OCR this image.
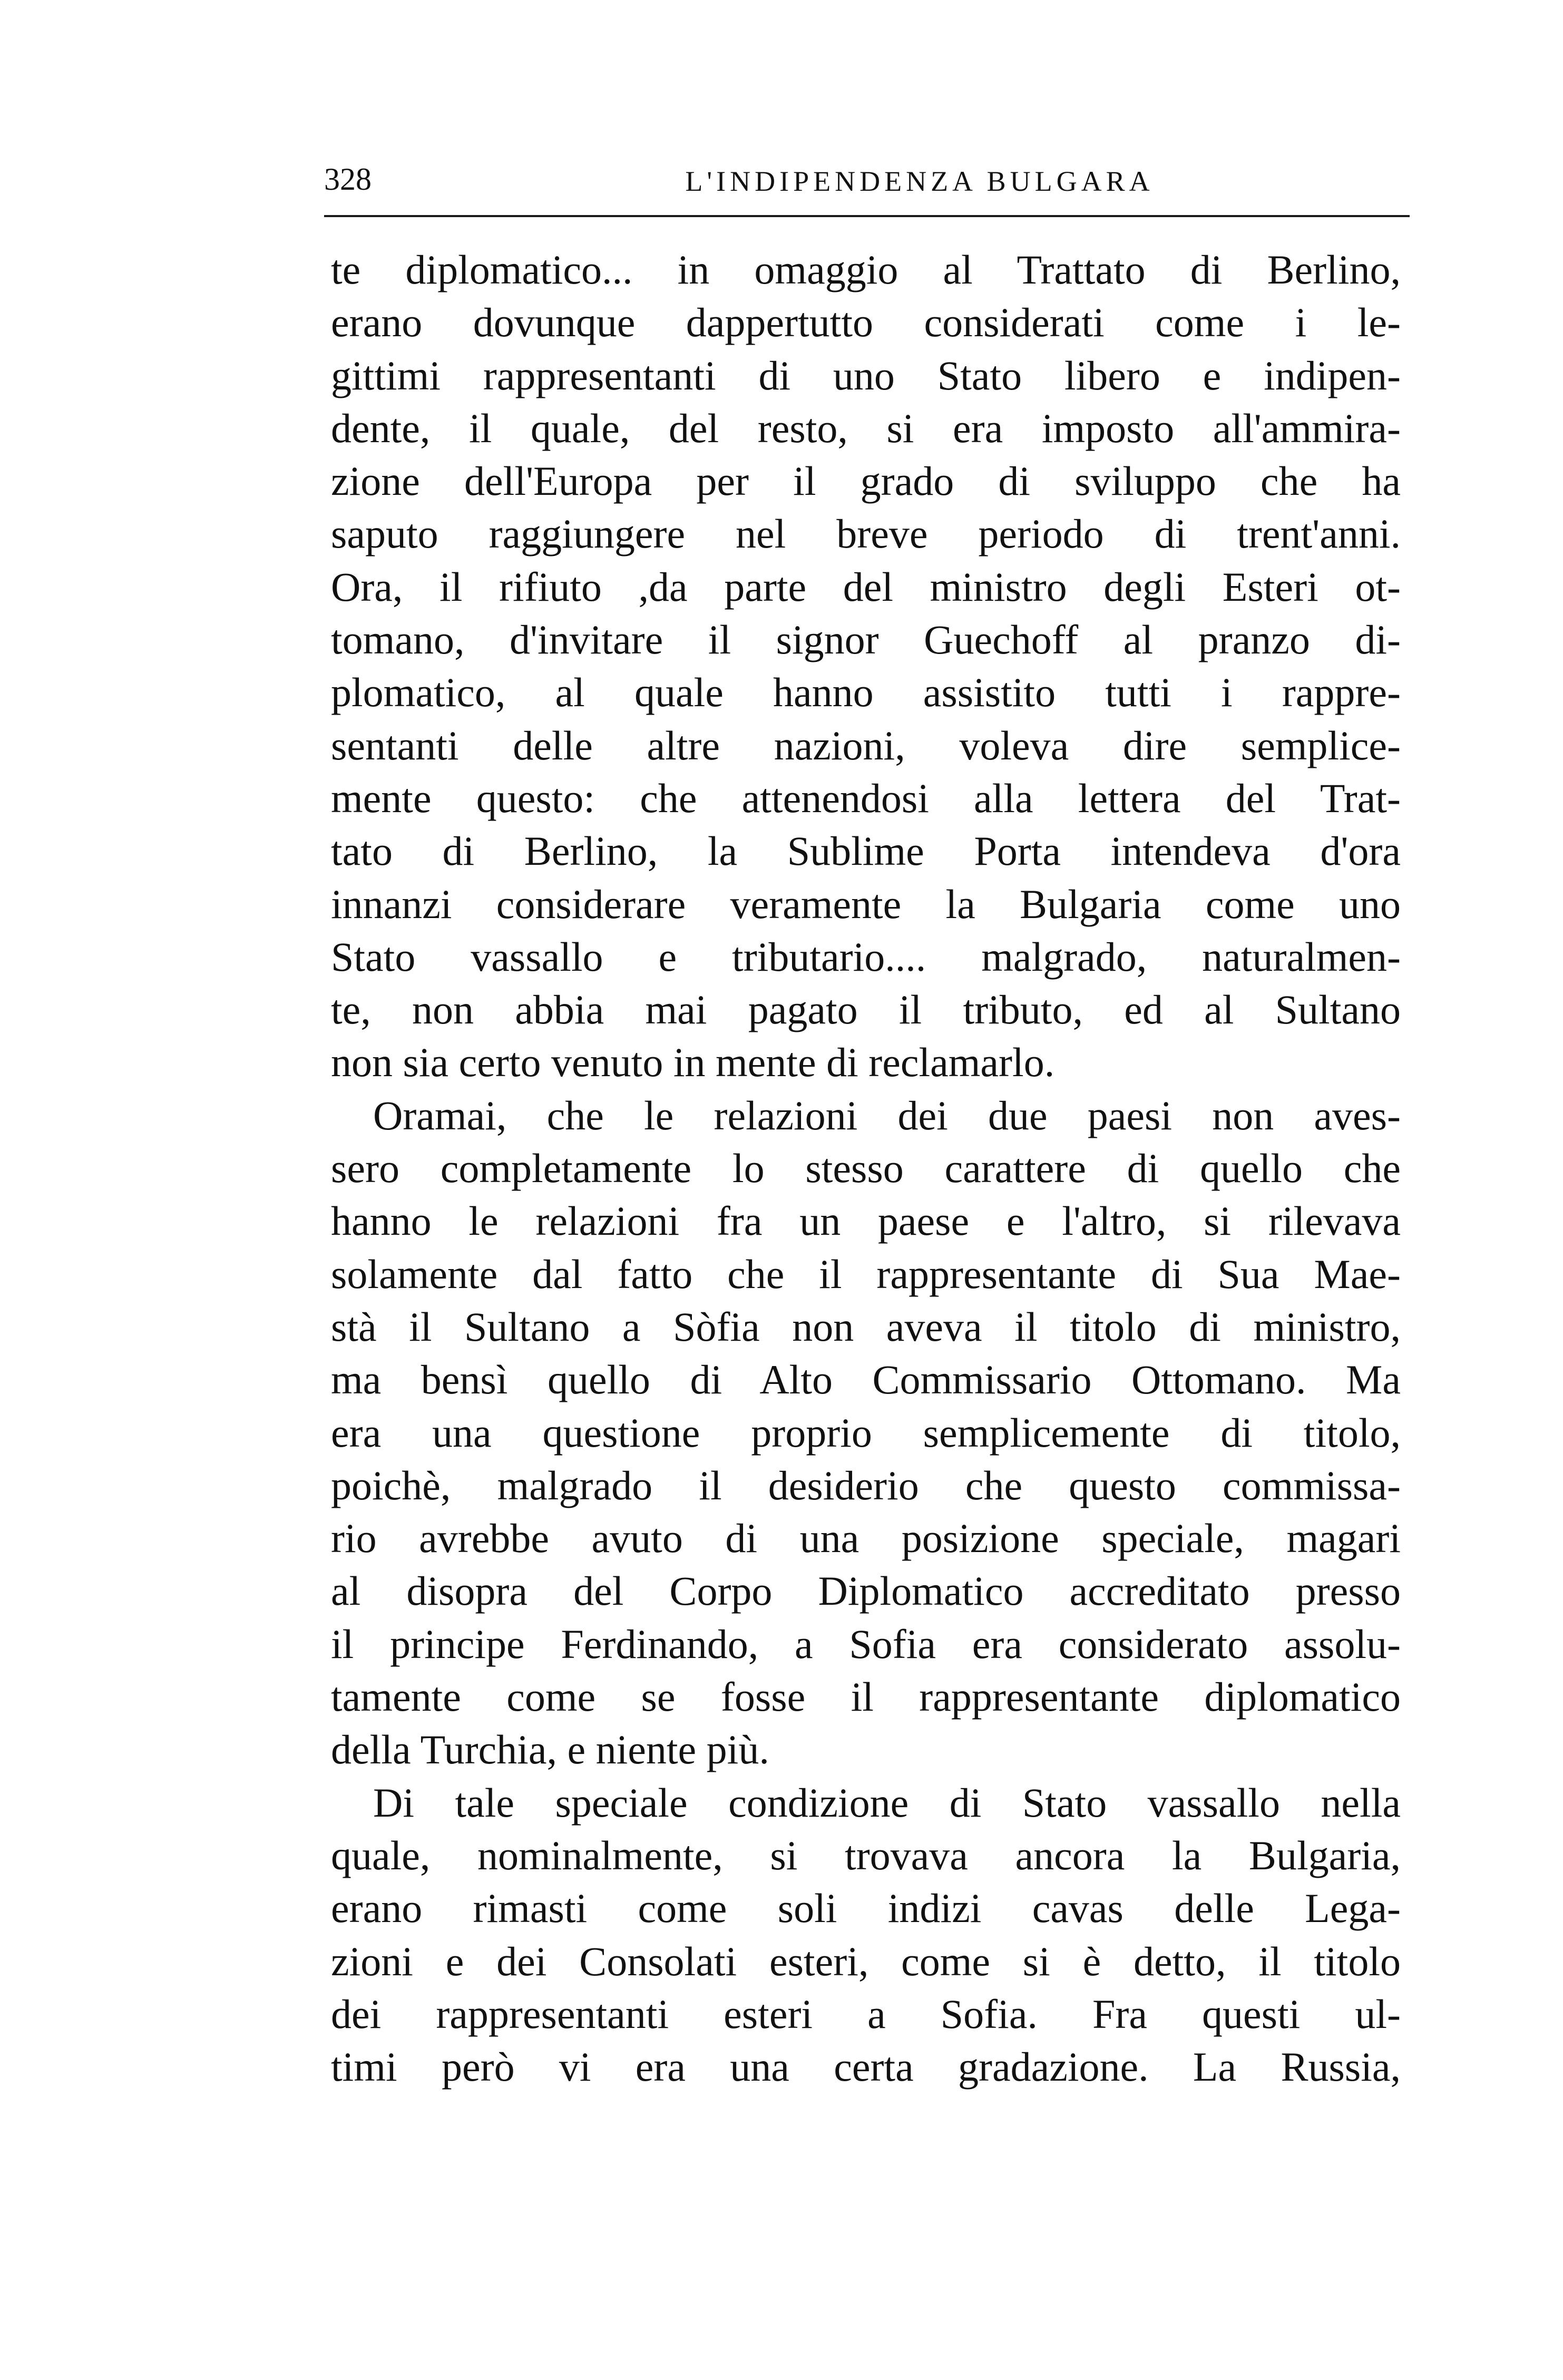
328	L'INDIPENDENZA BULGARA
te diplomatico... in omaggio al Trattato di Berlino,
erano dovunque dappertutto considerati come i le-
gittimi rappresentanti di uno Stato libero e indipen-
dente, il quale, del resto, si era imposto all'ammira-
zione dell'Europa per il grado di sviluppo che ha
saputo raggiungere nel breve periodo di trent'anni.
Ora, il rifiuto ,da parte del ministro degli Esteri ot-
tomano, d'invitare il signor Guechoff al pranzo di-
plomatico, al quale hanno assistito tutti i rappre-
sentanti delle altre nazioni, voleva dire semplice-
mente questo: che attenendosi alla lettera del Trat-
tato di Berlino, la Sublime Porta intendeva d'ora
innanzi considerare veramente la Bulgaria come uno
Stato vassallo e tributario.... malgrado, naturalmen-
te, non abbia mai pagato il tributo, ed al Sultano
non sia certo venuto in mente di reclamarlo.
Oramai, che le relazioni dei due paesi non aves-
sero completamente lo stesso carattere di quello che
hanno le relazioni fra un paese e l'altro, si rilevava
solamente dal fatto che il rappresentante di Sua Mae-
stà il Sultano a Sòfia non aveva il titolo di ministro,
ma bensì quello di Alto Commissario Ottomano. Ma
era una questione proprio semplicemente di titolo,
poichè, malgrado il desiderio che questo commissa-
rio avrebbe avuto di una posizione speciale, magari
al disopra del Corpo Diplomatico accreditato presso
il principe Ferdinando, a Sofia era considerato assolu-
tamente come se fosse il rappresentante diplomatico
della Turchia, e niente più.
Di tale speciale condizione di Stato vassallo nella
quale, nominalmente, si trovava ancora la Bulgaria,
erano rimasti come soli indizi cavas delle Lega-
zioni e dei Consolati esteri, come si è detto, il titolo
dei rappresentanti esteri a Sofia. Fra questi ul-
timi però vi era una certa gradazione. La Russia,
